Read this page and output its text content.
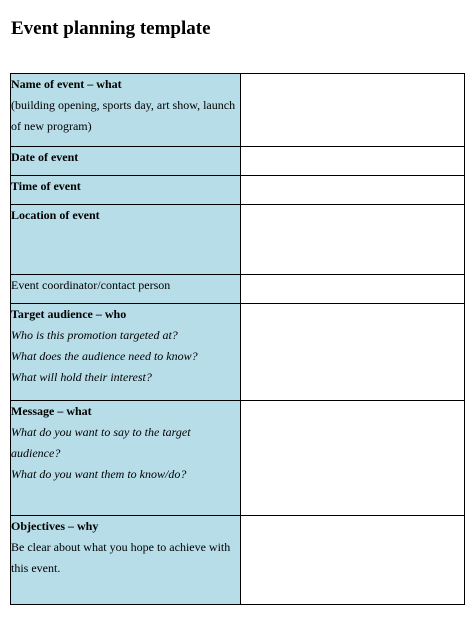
Event planning template
Name of event – what
(building opening, sports day, art show, launch of new program)	

Date of event	

Time of event	

Location of event	

Event coordinator/contact person	

Target audience – who
Who is this promotion targeted at?
What does the audience need to know?
What will hold their interest?	

Message – what
What do you want to say to the target audience?
What do you want them to know/do?	

Objectives – why
Be clear about what you hope to achieve with this event.	
